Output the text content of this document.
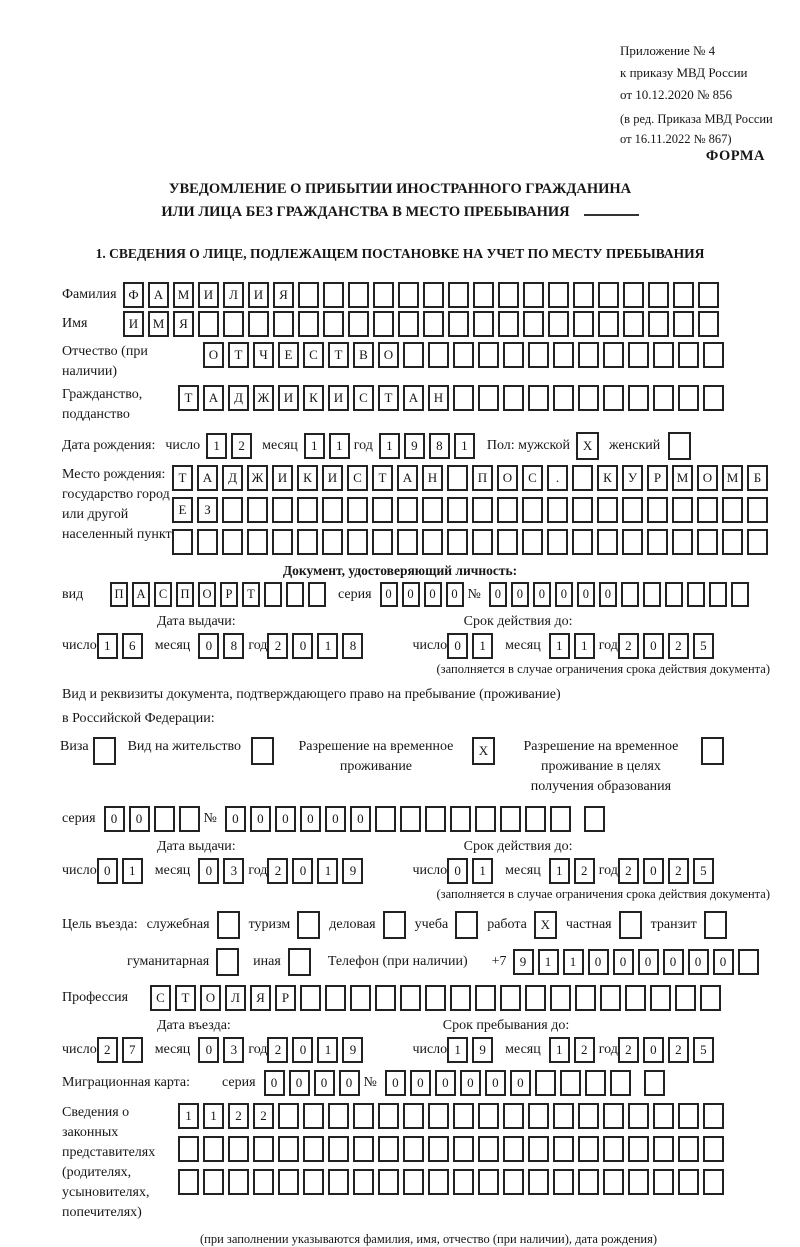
Приложение № 4
к приказу МВД России
от 10.12.2020 № 856
(в ред. Приказа МВД России
от 16.11.2022 № 867)
ФОРМА
УВЕДОМЛЕНИЕ О ПРИБЫТИИ ИНОСТРАННОГО ГРАЖДАНИНА
ИЛИ ЛИЦА БЕЗ ГРАЖДАНСТВА В МЕСТО ПРЕБЫВАНИЯ
1. СВЕДЕНИЯ О ЛИЦЕ, ПОДЛЕЖАЩЕМ ПОСТАНОВКЕ НА УЧЕТ ПО МЕСТУ ПРЕБЫВАНИЯ
Фамилия Ф	А	М	И	Л	И	Я
Имя	И	М	Я
Отчество (при наличии)
О	Т	Ч	Е	С	Т	В	О
Гражданство, подданство
Т	А	Д	Ж	И	К	И	С	Т	А	Н
Дата рождения: число	1	2	месяц	1	1 год	1	9	8	1	Пол: мужской X	женский
Место рождения: государство город или другой населенный пункт
Т	А	Д	Ж	И	К	И	С	Т	А	Н	П	О	С	.	К	У	Р	М	О	М	Б
Е	З
Документ, удостоверяющий личность:
вид	П	А	С	П	О	Р	Т	серия	0	0	0	0 №	0	0	0	0	0	0
Дата выдачи:	Срок действия до:
число 1	6	месяц	0	8 год 2	0	1	8	число 0	1	месяц	1	1 год 2	0	2	5
(заполняется в случае ограничения срока действия документа)
Вид и реквизиты документа, подтверждающего право на пребывание (проживание)
в Российской Федерации:
Виза	Вид на жительство	Разрешение на временное проживание
X	Разрешение на временное проживание в целях получения образования
серия	0	0	№	0	0	0	0	0	0
Дата выдачи:	Срок действия до:
число 0	1	месяц	0	3 год 2	0	1	9	число 0	1	месяц	1	2 год 2	0	2	5
(заполняется в случае ограничения срока действия документа)
Цель въезда: служебная	туризм	деловая	учеба	работа	X	частная	транзит
гуманитарная	иная	Телефон (при наличии) +7	9	1	1	0	0	0	0	0	0
Профессия	С	Т	О	Л	Я	Р
Дата въезда:	Срок пребывания до:
число 2	7	месяц	0	3 год 2	0	1	9	число 1	9	месяц	1	2 год 2	0	2	5
Миграционная карта:	серия	0	0	0	0 №	0	0	0	0	0	0
Сведения о законных представителях (родителях, усыновителях, попечителях)
1	1	2	2
(при заполнении указываются фамилия, имя, отчество (при наличии), дата рождения)
